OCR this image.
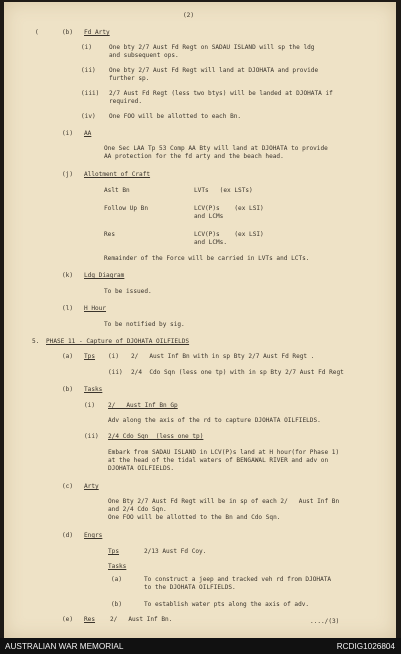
(2)
(	(b) Fd Arty
(i)	One bty 2/7 Aust Fd Regt on SADAU ISLAND will sp the ldg
and subsequent ops.
(ii) One bty 2/7 Aust Fd Regt will land at DJOHATA and provide
further sp.
(iii) 2/7 Aust Fd Regt (less two btys) will be landed at DJOHATA if
required.
(iv) One FOO will be allotted to each Bn.
(i) AA
One Sec LAA Tp 53 Comp AA Bty will land at DJOHATA to provide
AA protection for the fd arty and the beach head.
(j) Allotment of Craft
Aslt Bn	LVTs   (ex LSTs)
Follow Up Bn	LCV(P)s    (ex LSI)
and LCMs
Res	LCV(P)s    (ex LSI)
and LCMs.
Remainder of the Force will be carried in LVTs and LCTs.
(k) Ldg Diagram
To be issued.
(l) H Hour
To be notified by sig.
5. PHASE 11 - Capture of DJOHATA OILFIELDS
(a) Tps (i) 2/   Aust Inf Bn with in sp Bty 2/7 Aust Fd Regt .
(ii) 2/4  Cdo Sqn (less one tp) with in sp Bty 2/7 Aust Fd Regt
(b) Tasks
(i) 2/   Aust Inf Bn Gp
Adv along the axis of the rd to capture DJOHATA OILFIELDS.
(ii) 2/4 Cdo Sqn  (less one tp)
Embark from SADAU ISLAND in LCV(P)s land at H hour(for Phase 1)
at the head of the tidal waters of BENGAWAL RIVER and adv on
DJOHATA OILFIELDS.
(c) Arty
One Bty 2/7 Aust Fd Regt will be in sp of each 2/   Aust Inf Bn
and 2/4 Cdo Sqn.
One FOO will be allotted to the Bn and Cdo Sqn.
(d) Engrs
Tps	2/13 Aust Fd Coy.
Tasks
(a)	To construct a jeep and tracked veh rd from DJOHATA
to the DJOHATA OILFIELDS.
(b)	To establish water pts along the axis of adv.
(e) Res 2/   Aust Inf Bn.	..../(3)
AUSTRALIAN WAR MEMORIAL	RCDIG1026804
